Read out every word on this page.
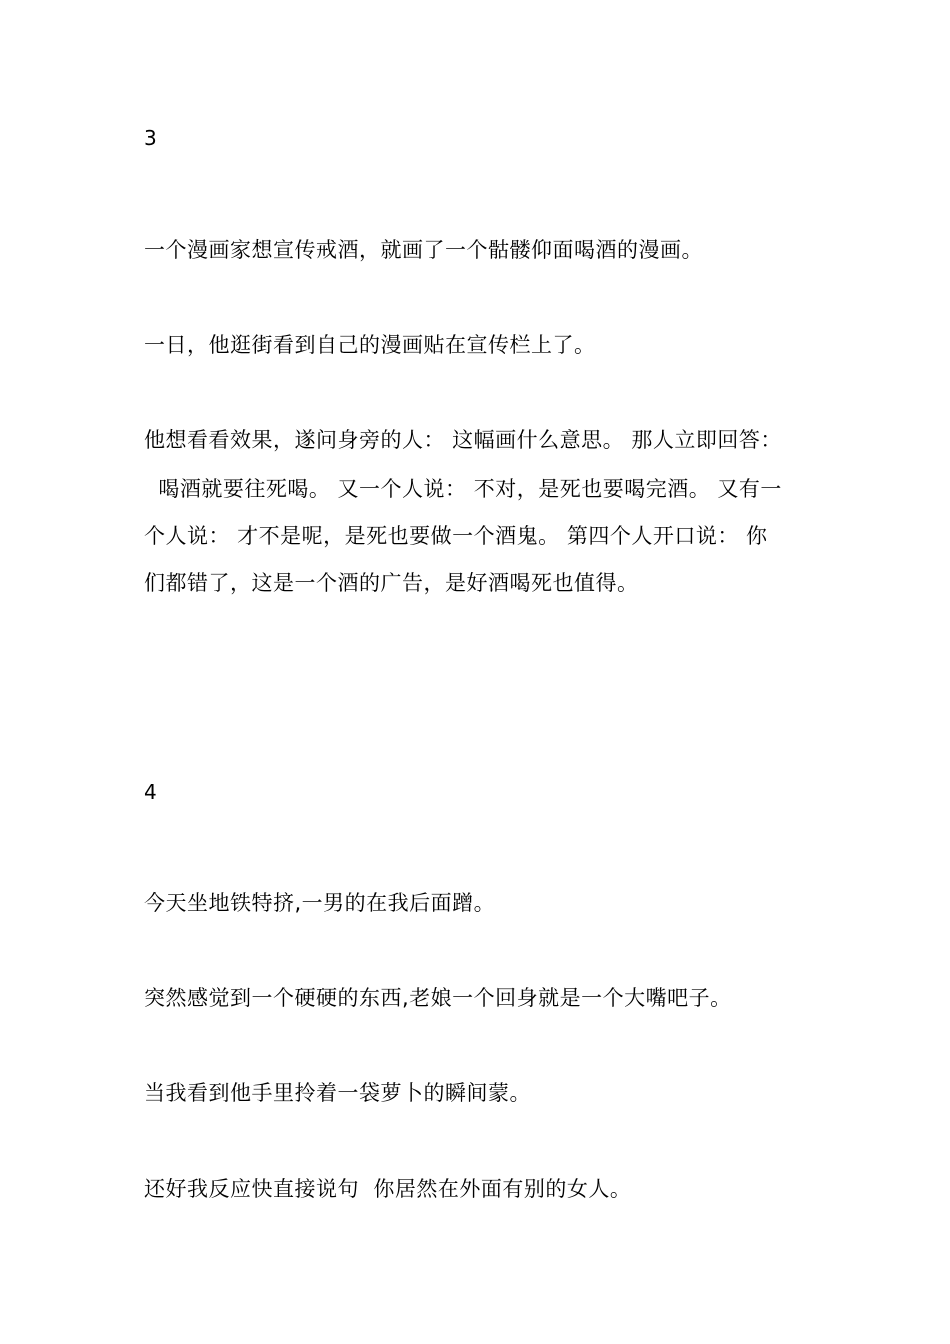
3
一个漫画家想宣传戒酒，就画了一个骷髅仰面喝酒的漫画。
一日，他逛街看到自己的漫画贴在宣传栏上了。
他想看看效果，遂问身旁的人： 这幅画什么意思。 那人立即回答：
喝酒就要往死喝。 又一个人说： 不对，是死也要喝完酒。 又有一
个人说： 才不是呢，是死也要做一个酒鬼。 第四个人开口说： 你
们都错了，这是一个酒的广告，是好酒喝死也值得。
4
今天坐地铁特挤,一男的在我后面蹭。
突然感觉到一个硬硬的东西,老娘一个回身就是一个大嘴吧子。
当我看到他手里拎着一袋萝卜的瞬间蒙。
还好我反应快直接说句  你居然在外面有别的女人。
